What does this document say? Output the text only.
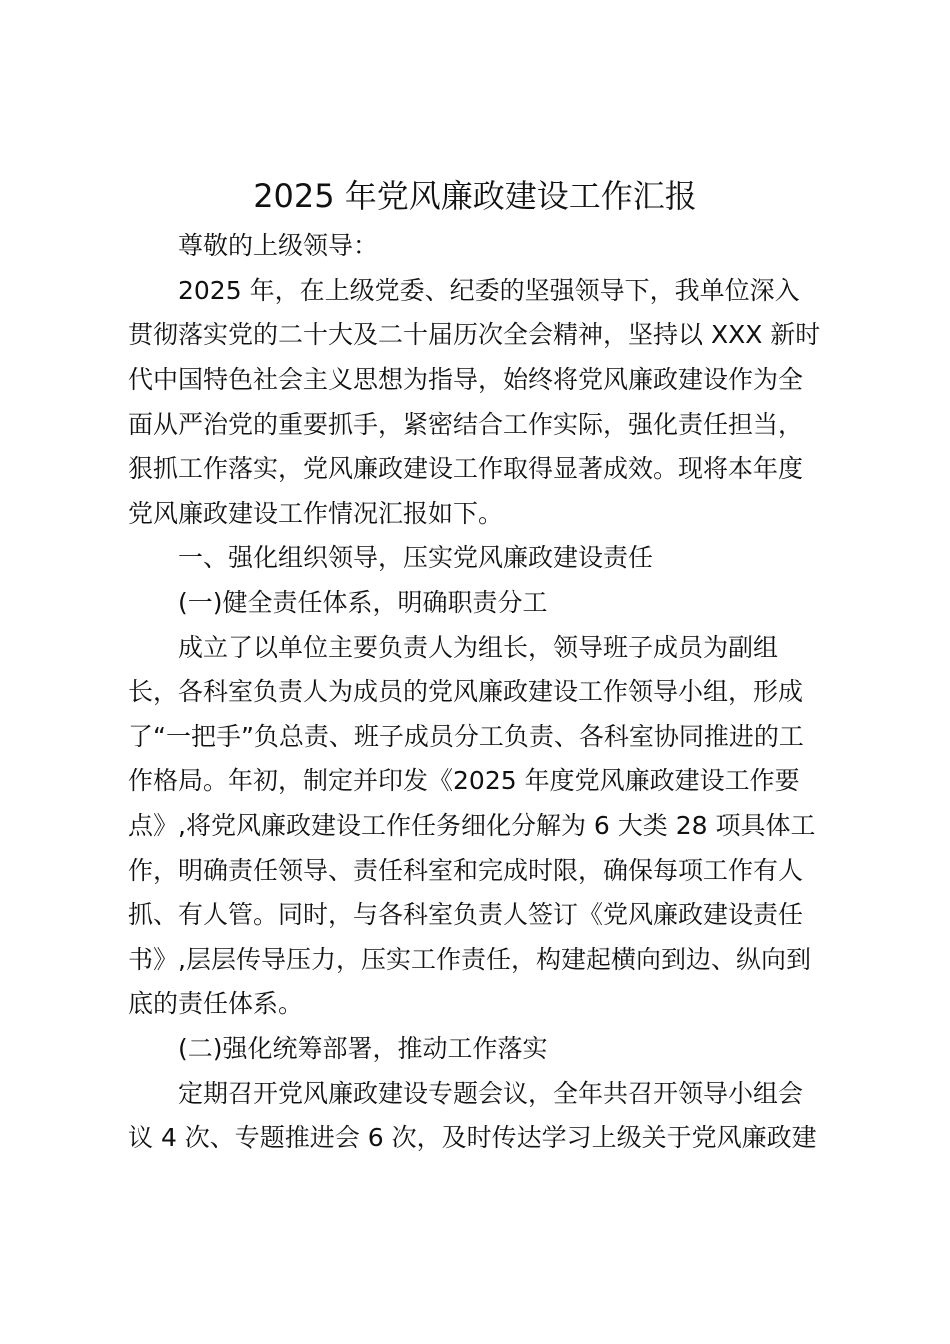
2025 年党风廉政建设工作汇报
尊敬的上级领导：
2025 年，在上级党委、纪委的坚强领导下，我单位深入
贯彻落实党的二十大及二十届历次全会精神，坚持以 XXX 新时
代中国特色社会主义思想为指导，始终将党风廉政建设作为全
面从严治党的重要抓手，紧密结合工作实际，强化责任担当，
狠抓工作落实，党风廉政建设工作取得显著成效。现将本年度
党风廉政建设工作情况汇报如下。
一、强化组织领导，压实党风廉政建设责任
(一)健全责任体系，明确职责分工
成立了以单位主要负责人为组长，领导班子成员为副组
长，各科室负责人为成员的党风廉政建设工作领导小组，形成
了“一把手”负总责、班子成员分工负责、各科室协同推进的工
作格局。年初，制定并印发《2025 年度党风廉政建设工作要
点》,将党风廉政建设工作任务细化分解为 6 大类 28 项具体工
作，明确责任领导、责任科室和完成时限，确保每项工作有人
抓、有人管。同时，与各科室负责人签订《党风廉政建设责任
书》,层层传导压力，压实工作责任，构建起横向到边、纵向到
底的责任体系。
(二)强化统筹部署，推动工作落实
定期召开党风廉政建设专题会议，全年共召开领导小组会
议 4 次、专题推进会 6 次，及时传达学习上级关于党风廉政建
